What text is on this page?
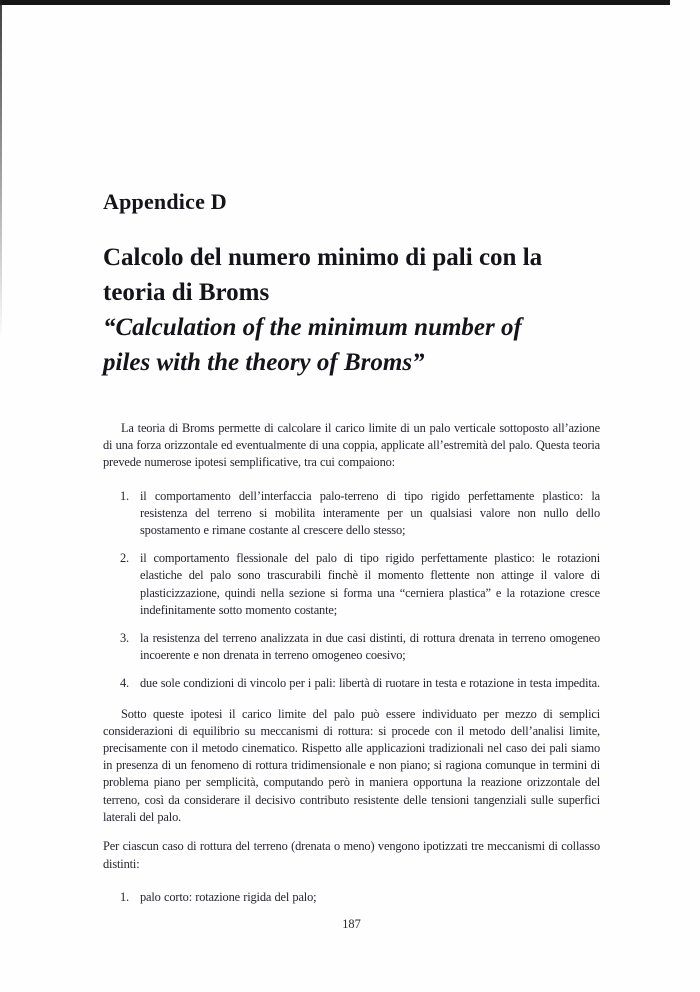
Appendice D
Calcolo del numero minimo di pali con la
teoria di Broms
“Calculation of the minimum number of
piles with the theory of Broms”

La teoria di Broms permette di calcolare il carico limite di un palo verticale sottoposto all’azione di una forza orizzontale ed eventualmente di una coppia, applicate all’estremità del palo. Questa teoria prevede numerose ipotesi semplificative, tra cui compaiono:

1. il comportamento dell’interfaccia palo-terreno di tipo rigido perfettamente plastico: la resistenza del terreno si mobilita interamente per un qualsiasi valore non nullo dello spostamento e rimane costante al crescere dello stesso;
2. il comportamento flessionale del palo di tipo rigido perfettamente plastico: le rotazioni elastiche del palo sono trascurabili finchè il momento flettente non attinge il valore di plasticizzazione, quindi nella sezione si forma una “cerniera plastica” e la rotazione cresce indefinitamente sotto momento costante;
3. la resistenza del terreno analizzata in due casi distinti, di rottura drenata in terreno omogeneo incoerente e non drenata in terreno omogeneo coesivo;
4. due sole condizioni di vincolo per i pali: libertà di ruotare in testa e rotazione in testa impedita.

Sotto queste ipotesi il carico limite del palo può essere individuato per mezzo di semplici considerazioni di equilibrio su meccanismi di rottura: si procede con il metodo dell’analisi limite, precisamente con il metodo cinematico. Rispetto alle applicazioni tradizionali nel caso dei pali siamo in presenza di un fenomeno di rottura tridimensionale e non piano; si ragiona comunque in termini di problema piano per semplicità, computando però in maniera opportuna la reazione orizzontale del terreno, così da considerare il decisivo contributo resistente delle tensioni tangenziali sulle superfici laterali del palo.

Per ciascun caso di rottura del terreno (drenata o meno) vengono ipotizzati tre meccanismi di collasso distinti:

1. palo corto: rotazione rigida del palo;
187
